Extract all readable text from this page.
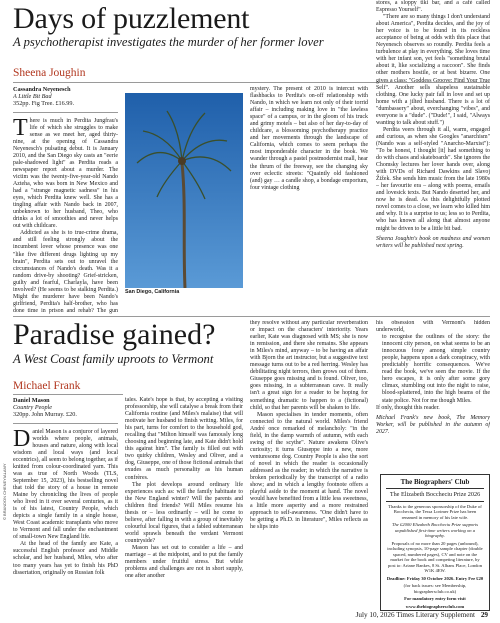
Days of puzzlement
A psychotherapist investigates the murder of her former lover
Sheena Joughin
Cassandra Neyenesch
A Little Bit Bad
352pp. Fig Tree. £16.99.

There is much in Perdita Jungfrau's life of which she struggles to make sense as we meet her, aged thirty-nine, at the opening of Cassandra Neyenesch's pulsating debut. It is January 2010, and the San Diego sky casts an "eerie pale-shadowed light" as Perdita reads a newspaper report about a murder. The victim was the twenty-five-year-old Nando Azteha, who was born in New Mexico and had a "strange magnetic sadness" in his eyes, which Perdita knew well. She has a tingling affair with Nando back in 2007, unbeknown to her husband, Theo, who drinks a lot of smoothies and never helps out with childcare.

Addicted as she is to true-crime drama, and still feeling strongly about the incumbent lover whose presence was one "like five different drugs lighting up my brain", Perdita sets out to unravel the circumstances of Nando's death. Was it a random drive-by shooting? Grief-stricken, guilty and fearful, Charlayla, have been involved? (He seems to be stalking Perdita.) Might the murderer have been Nando's girlfriend, Perdita's half-brother, who has done time in prison and rehab? The gun

San Diego, California

mystery. The present of 2010 is intercut with flashbacks to Perdita's on-off relationship with Nando, in which we learn not only of their torrid affair – including making love in "the lawless space" of a campus, or in the gloom of his truck and grimy motels – but also of her day-to-day of childcare, a blossoming psychotherapy practice and her movements through the landscape of California, which comes to seem perhaps the most imponderable character in the book. We wander through a pastel postmodernist mall, hear the thrum of the freeway, see the changing sky over eclectic streets: "Quaintly old fashioned (and) gay … a candle shop, a bondage emporium, four vintage clothing

stores, a sloppy tiki bar, and a café called Espresso Yourself".

"There are so many things I don't understand about America", Perdita decides, and the joy of her voice is to be found in its reckless acceptance of being at odds with this place that Neyenesch observes so roundly. Perdita feels a turbulence at play in everything. She loves time with her infant son, yet feels "something brutal about it, like socializing a raccoon". She finds other mothers hostile, or at best bizarre. One gives a class: "Goddess Groove: Find Your True Self". Another sells shapeless sustainable clothing. One lucky pair fall in love and set up home with a jilted husband. There is a lot of "dumbassery" about, everchanging "vibes", and everyone is a "dude". ("Dude!", I said, "Always wanting to talk about stuff.")

Perdita veers through it all, warm, engaged and curious, as when she Googles "anarchism" (Nando was a self-styled "Anarcho-Marxist"): "To be honest, I thought [it] had something to do with chaos and skateboards". She ignores the Chomsky lectures her lover hands over, along with DVDs of Richard Dawkins and Slavoj Žižek. She sends him music from the late 1980s – her favourite era – along with poems, emails and lovesick texts. But Nando deserted her, and now he is dead. As this delightfully plotted novel comes to a close, we learn who killed him and why. It is a surprise to us; less so to Perdita, who has known all along that almost anyone might be driven to be a little bit bad.

Sheena Joughin's book on madness and women writers will be published next spring.

Paradise gained?
A West Coast family uproots to Vermont
Michael Frank
Daniel Mason
Country People
320pp. John Murray. £20.

Daniel Mason is a conjuror of layered worlds where people, animals, houses and nature, along with local wisdom and local ways (and local eccentrics), all seem to belong together, as if knitted from colour-coordinated yarn. This was as true of North Woods (TLS, September 15, 2023), his bestselling novel that told the story of a house in remote Maine by chronicling the lives of people who lived in it over several centuries, as it is of his latest, Country People, which depicts a single family in a single house, West Coast academic transplants who move to Vermont and fall under the enchantment of small-town New England life.

At the head of the family are Kate, a successful English professor and Middle scholar, and her husband, Miles, who after too many years has yet to finish his PhD dissertation, originally on Russian folk

tales. Kate's hope is that, by accepting a visiting professorship, she will catalyse a break from their California routine (and Miles's malaise) that will motivate her husband to finish writing. Miles, for his part, turns for comfort to the household god, recalling that "Milton himself was famously long choosing and beginning late, and Kate didn't hold this against him". The family is filled out with two quirky children, Wesley and Oliver, and a dog, Giuseppe, one of those fictional animals that exudes as much personality as his human confrères.

The plot develops around ordinary life experiences such as: will the family habituate to the New England winter? Will the parents and children find friends? Will Miles resume his thesis or – less ordinarily – will he come to believe, after falling in with a group of inevitably colourful local figures, that a fabled subterranean world sprawls beneath the verdant Vermont countryside?

Mason has set out to consider a life – and marriage – at the midpoint, and to put the family members under fruitful stress. But while problems and challenges are not in short supply, one after another

they resolve without any particular reverberation or impact on the characters' interiority. Years earlier, Kate was diagnosed with MS; she is now in remission, and there she remains. She appears in Miles's mind, anyway – to be having an affair with Bjorn the art instructor, but a suggestive text message turns out to be a red herring. Wesley has debilitating night terrors, then grows out of them. Giuseppe goes missing and is found. Oliver, too, goes missing, in a subterranean cave. It really isn't a great sign for a reader to be hoping for something dramatic to happen to a (fictional) child, so that her parents will be shaken to life.

Mason specialises in tender moments, often connected to the natural world. Miles's friend André once remarked of melancholy: "in the field, in the damp warmth of autumn, with each swing of the scythe". Nature awakens Olive's curiosity; it turns Giuseppe into a new, more venturesome dog. Country People is also the sort of novel in which the reader is occasionally addressed as the reader; in which the narrative is broken periodically by the transcript of a radio show; and in which a lengthy footnote offers a playful aside to the moment at hand. The novel would have benefited from a little less sweetness, a little more asperity and a more restrained approach to self-awareness. "One didn't have to be getting a Ph.D. in literature", Miles reflects as he slips into

his obsession with Vermont's hidden underworld,

to recognise the outlines of the story: the innocent city person, on what seems to be an innocuous foray among simple country people, happens upon a dark conspiracy, with predictably horrific consequences. We've read the book, we've seen the movie. If the hero escapes, it is only after some gory climax, stumbling out into the night to raise, blood-splattered, into the high beams of the state police. Not for me though Miles.

If only, thought this reader.

Michael Frank's new book, The Memory Worker, will be published in the autumn of 2027.

The Biographers' Club
The Elizabeth Boccheciu Prize 2026

Thanks to the generous sponsorship of the Duke of Boccheciu, the Tessa Lorimer Prize has been renamed in memory of his late wife.

The £2000 Elizabeth Boccheciu Prize supports unpublished first-time writers working on a biography.

Proposals of no more than 20 pages (unbound), including synopsis, 10-page sample chapter (double spaced, numbered pages), CV and note on the market for the book and competing literature, by post to: Ariane Bankes, 8 St. Albans Place, London W1K 4EW.

Deadline: Friday 30 October 2026. Entry Fee £20

(for back issues: see Membership, biographersclub.co.uk)

For mandatory entry form visit

www.thebiographersclub.com

© BRANDON CHENEY/ALAMY
July 10, 2026 Times Literary Supplement 29
